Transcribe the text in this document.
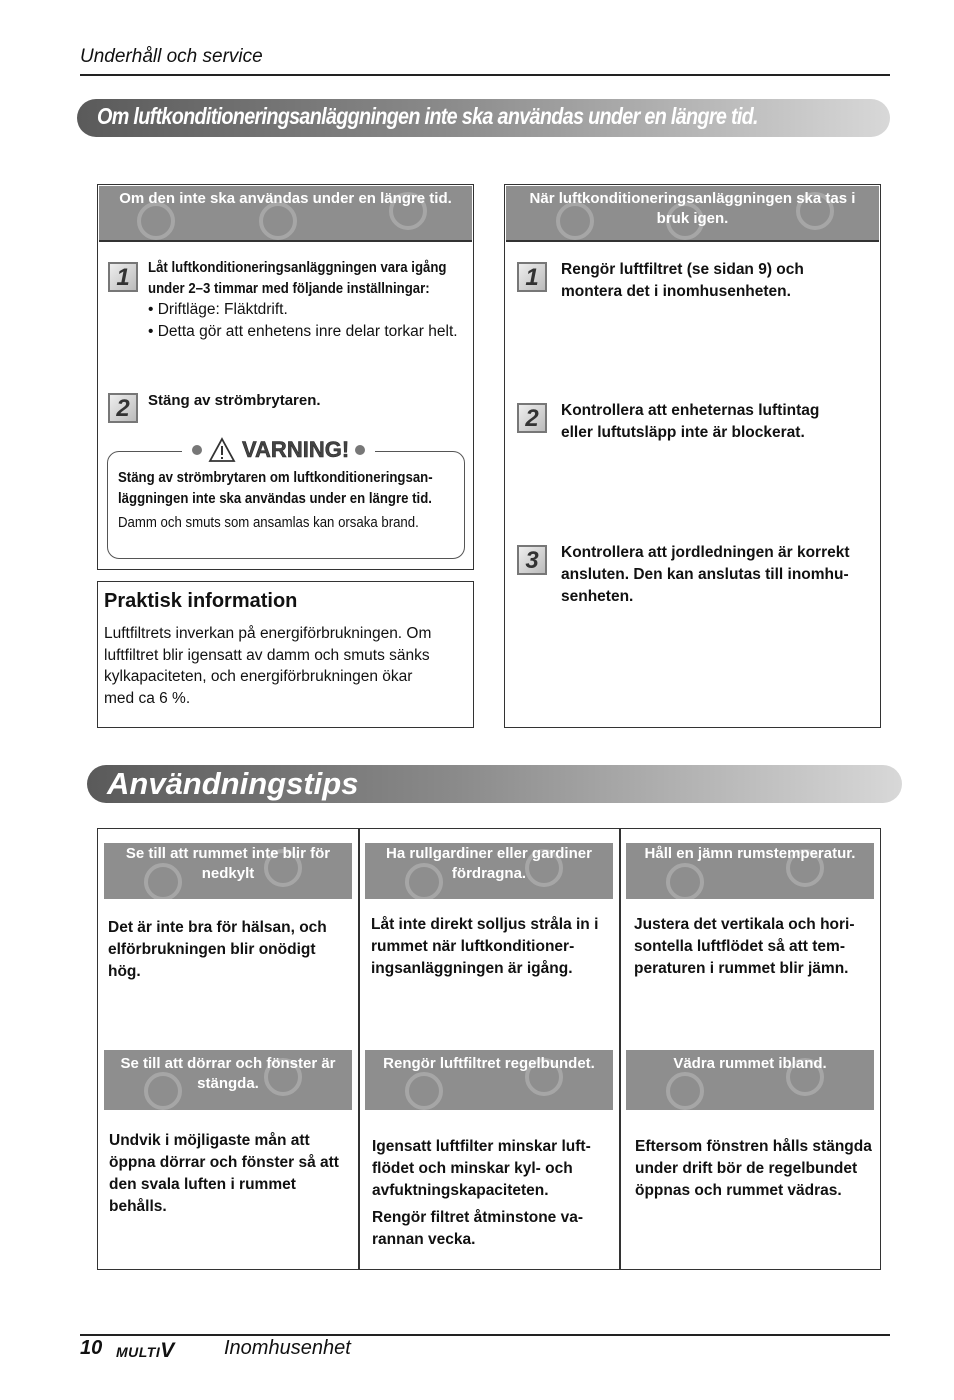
Underhåll och service
Om luftkonditioneringsanläggningen inte ska användas under en längre tid.
Om den inte ska användas under en längre tid.
1	Låt luftkonditioneringsanläggningen vara igång under 2–3 timmar med följande inställningar:
• Driftläge: Fläktdrift.
• Detta gör att enhetens inre delar torkar helt.
2	Stäng av strömbrytaren.
VARNING!
Stäng av strömbrytaren om luftkonditioneringsanläggningen inte ska användas under en längre tid.
Damm och smuts som ansamlas kan orsaka brand.
Praktisk information
Luftfiltrets inverkan på energiförbrukningen. Om luftfiltret blir igensatt av damm och smuts sänks kylkapaciteten, och energiförbrukningen ökar med ca 6 %.
När luftkonditioneringsanläggningen ska tas i bruk igen.
1	Rengör luftfiltret (se sidan 9) och montera det i inomhusenheten.
2	Kontrollera att enheternas luftintag eller luftutsläpp inte är blockerat.
3	Kontrollera att jordledningen är korrekt ansluten. Den kan anslutas till inomhusenheten.
Användningstips
Se till att rummet inte blir för nedkylt
Ha rullgardiner eller gardiner fördragna.
Håll en jämn rumstemperatur.
Det är inte bra för hälsan, och elförbrukningen blir onödigt hög.
Låt inte direkt solljus stråla in i rummet när luftkonditioneringsanläggningen är igång.
Justera det vertikala och horisontella luftflödet så att temperaturen i rummet blir jämn.
Se till att dörrar och fönster är stängda.
Rengör luftfiltret regelbundet.	Vädra rummet ibland.
Undvik i möjligaste mån att öppna dörrar och fönster så att den svala luften i rummet behålls.
Igensatt luftfilter minskar luftflödet och minskar kyl- och avfuktningskapaciteten.
Rengör filtret åtminstone varannan vecka.
Eftersom fönstren hålls stängda under drift bör de regelbundet öppnas och rummet vädras.
10 MULTIV Inomhusenhet
